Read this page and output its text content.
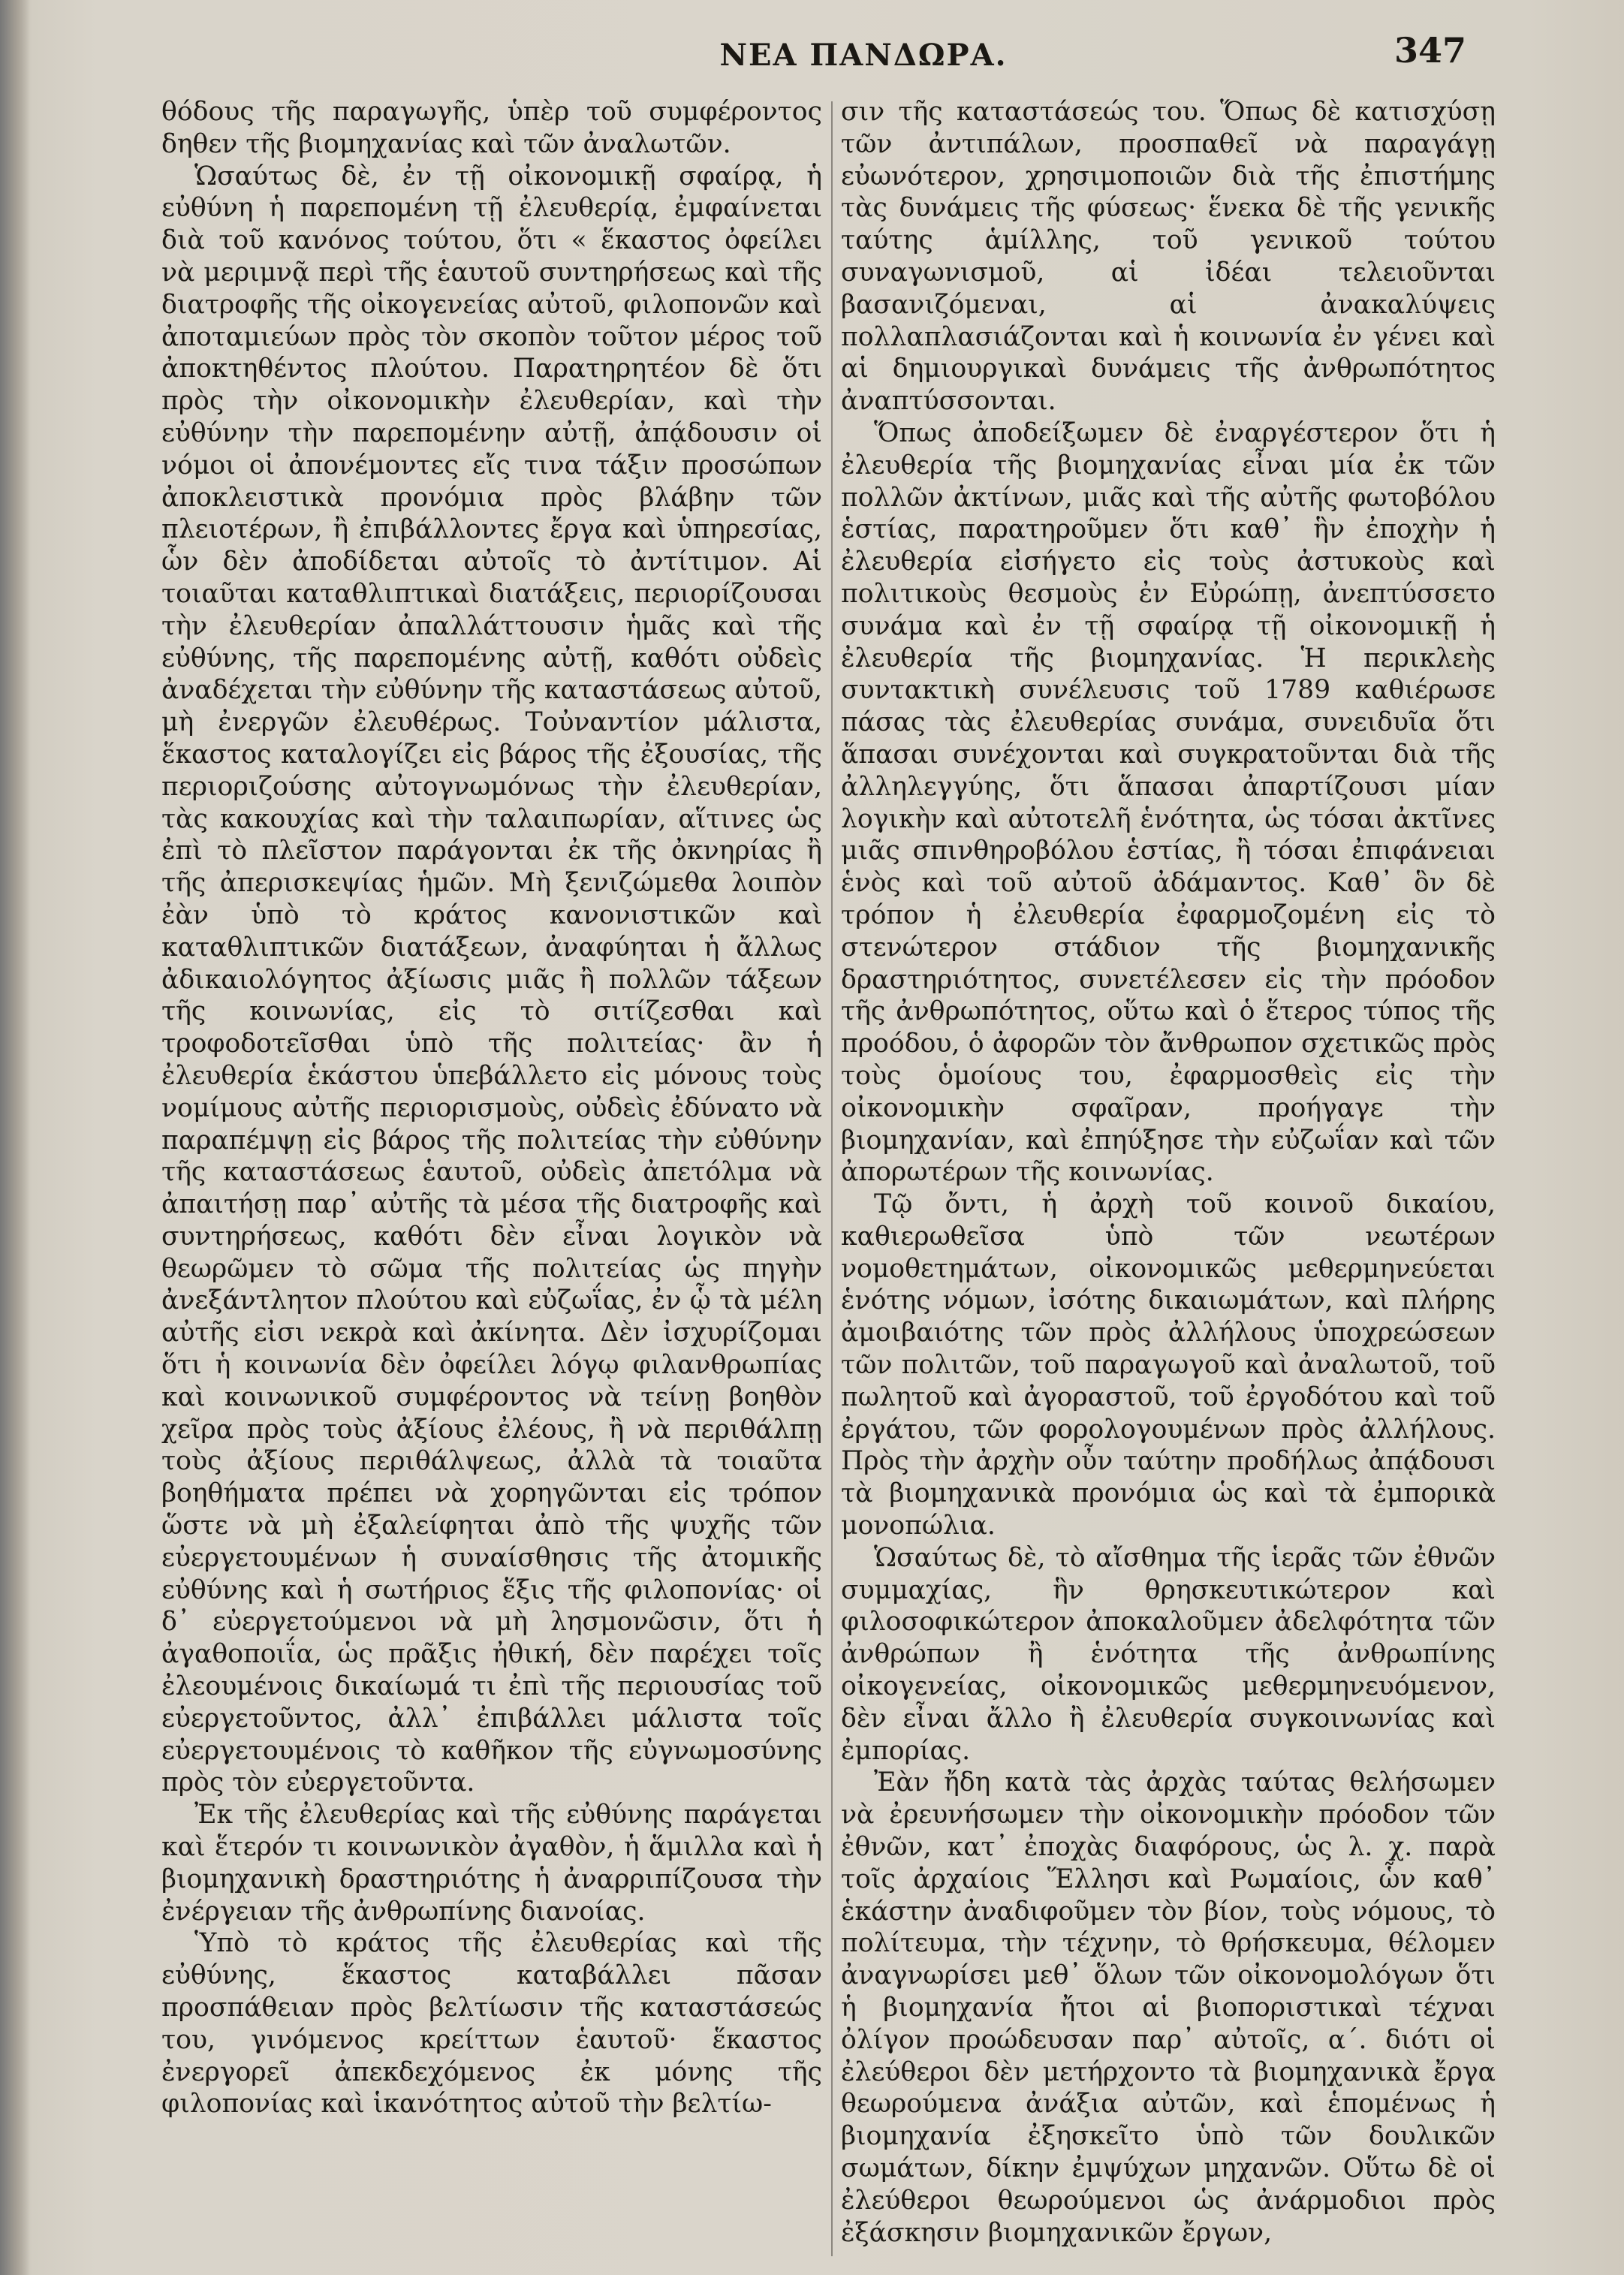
ΝΕΑ ΠΑΝΔΩΡΑ.	347

θόδους τῆς παραγωγῆς, ὑπὲρ τοῦ συμφέροντος δηθεν τῆς βιομηχανίας καὶ τῶν ἀναλωτῶν.

Ὡσαύτως δὲ, ἐν τῇ οἰκονομικῇ σφαίρᾳ, ἡ εὐθύνη ἡ παρεπομένη τῇ ἐλευθερίᾳ, ἐμφαίνεται διὰ τοῦ κανόνος τούτου, ὅτι « ἕκαστος ὀφείλει νὰ μεριμνᾷ περὶ τῆς ἑαυτοῦ συντηρήσεως καὶ τῆς διατροφῆς τῆς οἰκογενείας αὐτοῦ, φιλοπονῶν καὶ ἀποταμιεύων πρὸς τὸν σκοπὸν τοῦτον μέρος τοῦ ἀποκτηθέντος πλούτου. Παρατηρητέον δὲ ὅτι πρὸς τὴν οἰκονομικὴν ἐλευθερίαν, καὶ τὴν εὐθύνην τὴν παρεπομένην αὐτῇ, ἀπᾴδουσιν οἱ νόμοι οἱ ἀπονέμοντες εἴς τινα τάξιν προσώπων ἀποκλειστικὰ προνόμια πρὸς βλάβην τῶν πλειοτέρων, ἢ ἐπιβάλλοντες ἔργα καὶ ὑπηρεσίας, ὧν δὲν ἀποδίδεται αὐτοῖς τὸ ἀντίτιμον. Αἱ τοιαῦται καταθλιπτικαὶ διατάξεις, περιορίζουσαι τὴν ἐλευθερίαν ἀπαλλάττουσιν ἡμᾶς καὶ τῆς εὐθύνης, τῆς παρεπομένης αὐτῇ, καθότι οὐδεὶς ἀναδέχεται τὴν εὐθύνην τῆς καταστάσεως αὐτοῦ, μὴ ἐνεργῶν ἐλευθέρως. Τοὐναντίον μάλιστα, ἕκαστος καταλογίζει εἰς βάρος τῆς ἐξουσίας, τῆς περιοριζούσης αὐτογνωμόνως τὴν ἐλευθερίαν, τὰς κακουχίας καὶ τὴν ταλαιπωρίαν, αἵτινες ὡς ἐπὶ τὸ πλεῖστον παράγονται ἐκ τῆς ὀκνηρίας ἢ τῆς ἀπερισκεψίας ἡμῶν. Μὴ ξενιζώμεθα λοιπὸν ἐὰν ὑπὸ τὸ κράτος κανονιστικῶν καὶ καταθλιπτικῶν διατάξεων, ἀναφύηται ἡ ἄλλως ἀδικαιολόγητος ἀξίωσις μιᾶς ἢ πολλῶν τάξεων τῆς κοινωνίας, εἰς τὸ σιτίζεσθαι καὶ τροφοδοτεῖσθαι ὑπὸ τῆς πολιτείας· ἂν ἡ ἐλευθερία ἑκάστου ὑπεβάλλετο εἰς μόνους τοὺς νομίμους αὐτῆς περιορισμοὺς, οὐδεὶς ἐδύνατο νὰ παραπέμψῃ εἰς βάρος τῆς πολιτείας τὴν εὐθύνην τῆς καταστάσεως ἑαυτοῦ, οὐδεὶς ἀπετόλμα νὰ ἀπαιτήσῃ παρ᾽ αὐτῆς τὰ μέσα τῆς διατροφῆς καὶ συντηρήσεως, καθότι δὲν εἶναι λογικὸν νὰ θεωρῶμεν τὸ σῶμα τῆς πολιτείας ὡς πηγὴν ἀνεξάντλητον πλούτου καὶ εὐζωΐας, ἐν ᾧ τὰ μέλη αὐτῆς εἰσι νεκρὰ καὶ ἀκίνητα. Δὲν ἰσχυρίζομαι ὅτι ἡ κοινωνία δὲν ὀφείλει λόγῳ φιλανθρωπίας καὶ κοινωνικοῦ συμφέροντος νὰ τείνῃ βοηθὸν χεῖρα πρὸς τοὺς ἀξίους ἐλέους, ἢ νὰ περιθάλπῃ τοὺς ἀξίους περιθάλψεως, ἀλλὰ τὰ τοιαῦτα βοηθήματα πρέπει νὰ χορηγῶνται εἰς τρόπον ὥστε νὰ μὴ ἐξαλείφηται ἀπὸ τῆς ψυχῆς τῶν εὐεργετουμένων ἡ συναίσθησις τῆς ἀτομικῆς εὐθύνης καὶ ἡ σωτήριος ἕξις τῆς φιλοπονίας· οἱ δ᾽ εὐεργετούμενοι νὰ μὴ λησμονῶσιν, ὅτι ἡ ἀγαθοποιΐα, ὡς πρᾶξις ἠθική, δὲν παρέχει τοῖς ἐλεουμένοις δικαίωμά τι ἐπὶ τῆς περιουσίας τοῦ εὐεργετοῦντος, ἀλλ᾽ ἐπιβάλλει μάλιστα τοῖς εὐεργετουμένοις τὸ καθῆκον τῆς εὐγνωμοσύνης πρὸς τὸν εὐεργετοῦντα.

Ἐκ τῆς ἐλευθερίας καὶ τῆς εὐθύνης παράγεται καὶ ἕτερόν τι κοινωνικὸν ἀγαθὸν, ἡ ἅμιλλα καὶ ἡ βιομηχανικὴ δραστηριότης ἡ ἀναρριπίζουσα τὴν ἐνέργειαν τῆς ἀνθρωπίνης διανοίας.

Ὑπὸ τὸ κράτος τῆς ἐλευθερίας καὶ τῆς εὐθύνης, ἕκαστος καταβάλλει πᾶσαν προσπάθειαν πρὸς βελτίωσιν τῆς καταστάσεώς του, γινόμενος κρείττων ἑαυτοῦ· ἕκαστος ἐνεργορεῖ ἀπεκδεχόμενος ἐκ μόνης τῆς φιλοπονίας καὶ ἱκανότητος αὐτοῦ τὴν βελτίω-

σιν τῆς καταστάσεώς του. Ὅπως δὲ κατισχύσῃ τῶν ἀντιπάλων, προσπαθεῖ νὰ παραγάγῃ εὐωνότερον, χρησιμοποιῶν διὰ τῆς ἐπιστήμης τὰς δυνάμεις τῆς φύσεως· ἕνεκα δὲ τῆς γενικῆς ταύτης ἁμίλλης, τοῦ γενικοῦ τούτου συναγωνισμοῦ, αἱ ἰδέαι τελειοῦνται βασανιζόμεναι, αἱ ἀνακαλύψεις πολλαπλασιάζονται καὶ ἡ κοινωνία ἐν γένει καὶ αἱ δημιουργικαὶ δυνάμεις τῆς ἀνθρωπότητος ἀναπτύσσονται.

Ὅπως ἀποδείξωμεν δὲ ἐναργέστερον ὅτι ἡ ἐλευθερία τῆς βιομηχανίας εἶναι μία ἐκ τῶν πολλῶν ἀκτίνων, μιᾶς καὶ τῆς αὐτῆς φωτοβόλου ἑστίας, παρατηροῦμεν ὅτι καθ᾽ ἣν ἐποχὴν ἡ ἐλευθερία εἰσήγετο εἰς τοὺς ἀστυκοὺς καὶ πολιτικοὺς θεσμοὺς ἐν Εὐρώπῃ, ἀνεπτύσσετο συνάμα καὶ ἐν τῇ σφαίρᾳ τῇ οἰκονομικῇ ἡ ἐλευθερία τῆς βιομηχανίας. Ἡ περικλεὴς συντακτικὴ συνέλευσις τοῦ 1789 καθιέρωσε πάσας τὰς ἐλευθερίας συνάμα, συνειδυῖα ὅτι ἅπασαι συνέχονται καὶ συγκρατοῦνται διὰ τῆς ἀλληλεγγύης, ὅτι ἅπασαι ἀπαρτίζουσι μίαν λογικὴν καὶ αὐτοτελῆ ἑνότητα, ὡς τόσαι ἀκτῖνες μιᾶς σπινθηροβόλου ἑστίας, ἢ τόσαι ἐπιφάνειαι ἑνὸς καὶ τοῦ αὐτοῦ ἀδάμαντος. Καθ᾽ ὃν δὲ τρόπον ἡ ἐλευθερία ἐφαρμοζομένη εἰς τὸ στενώτερον στάδιον τῆς βιομηχανικῆς δραστηριότητος, συνετέλεσεν εἰς τὴν πρόοδον τῆς ἀνθρωπότητος, οὕτω καὶ ὁ ἕτερος τύπος τῆς προόδου, ὁ ἀφορῶν τὸν ἄνθρωπον σχετικῶς πρὸς τοὺς ὁμοίους του, ἐφαρμοσθεὶς εἰς τὴν οἰκονομικὴν σφαῖραν, προήγαγε τὴν βιομηχανίαν, καὶ ἐπηύξησε τὴν εὐζωΐαν καὶ τῶν ἀπορωτέρων τῆς κοινωνίας.

Τῷ ὄντι, ἡ ἀρχὴ τοῦ κοινοῦ δικαίου, καθιερωθεῖσα ὑπὸ τῶν νεωτέρων νομοθετημάτων, οἰκονομικῶς μεθερμηνεύεται ἑνότης νόμων, ἰσότης δικαιωμάτων, καὶ πλήρης ἀμοιβαιότης τῶν πρὸς ἀλλήλους ὑποχρεώσεων τῶν πολιτῶν, τοῦ παραγωγοῦ καὶ ἀναλωτοῦ, τοῦ πωλητοῦ καὶ ἀγοραστοῦ, τοῦ ἐργοδότου καὶ τοῦ ἐργάτου, τῶν φορολογουμένων πρὸς ἀλλήλους. Πρὸς τὴν ἀρχὴν οὖν ταύτην προδήλως ἀπᾴδουσι τὰ βιομηχανικὰ προνόμια ὡς καὶ τὰ ἐμπορικὰ μονοπώλια.

Ὡσαύτως δὲ, τὸ αἴσθημα τῆς ἱερᾶς τῶν ἐθνῶν συμμαχίας, ἣν θρησκευτικώτερον καὶ φιλοσοφικώτερον ἀποκαλοῦμεν ἀδελφότητα τῶν ἀνθρώπων ἢ ἑνότητα τῆς ἀνθρωπίνης οἰκογενείας, οἰκονομικῶς μεθερμηνευόμενον, δὲν εἶναι ἄλλο ἢ ἐλευθερία συγκοινωνίας καὶ ἐμπορίας.

Ἐὰν ἤδη κατὰ τὰς ἀρχὰς ταύτας θελήσωμεν νὰ ἐρευνήσωμεν τὴν οἰκονομικὴν πρόοδον τῶν ἐθνῶν, κατ᾽ ἐποχὰς διαφόρους, ὡς λ. χ. παρὰ τοῖς ἀρχαίοις Ἕλλησι καὶ Ρωμαίοις, ὧν καθ᾽ ἑκάστην ἀναδιφοῦμεν τὸν βίον, τοὺς νόμους, τὸ πολίτευμα, τὴν τέχνην, τὸ θρήσκευμα, θέλομεν ἀναγνωρίσει μεθ᾽ ὅλων τῶν οἰκονομολόγων ὅτι ἡ βιομηχανία ἤτοι αἱ βιοποριστικαὶ τέχναι ὀλίγον προώδευσαν παρ᾽ αὐτοῖς, α΄. διότι οἱ ἐλεύθεροι δὲν μετήρχοντο τὰ βιομηχανικὰ ἔργα θεωρούμενα ἀνάξια αὐτῶν, καὶ ἑπομένως ἡ βιομηχανία ἐξησκεῖτο ὑπὸ τῶν δουλικῶν σωμάτων, δίκην ἐμψύχων μηχανῶν. Οὕτω δὲ οἱ ἐλεύθεροι θεωρούμενοι ὡς ἀνάρμοδιοι πρὸς ἐξάσκησιν βιομηχανικῶν ἔργων,
